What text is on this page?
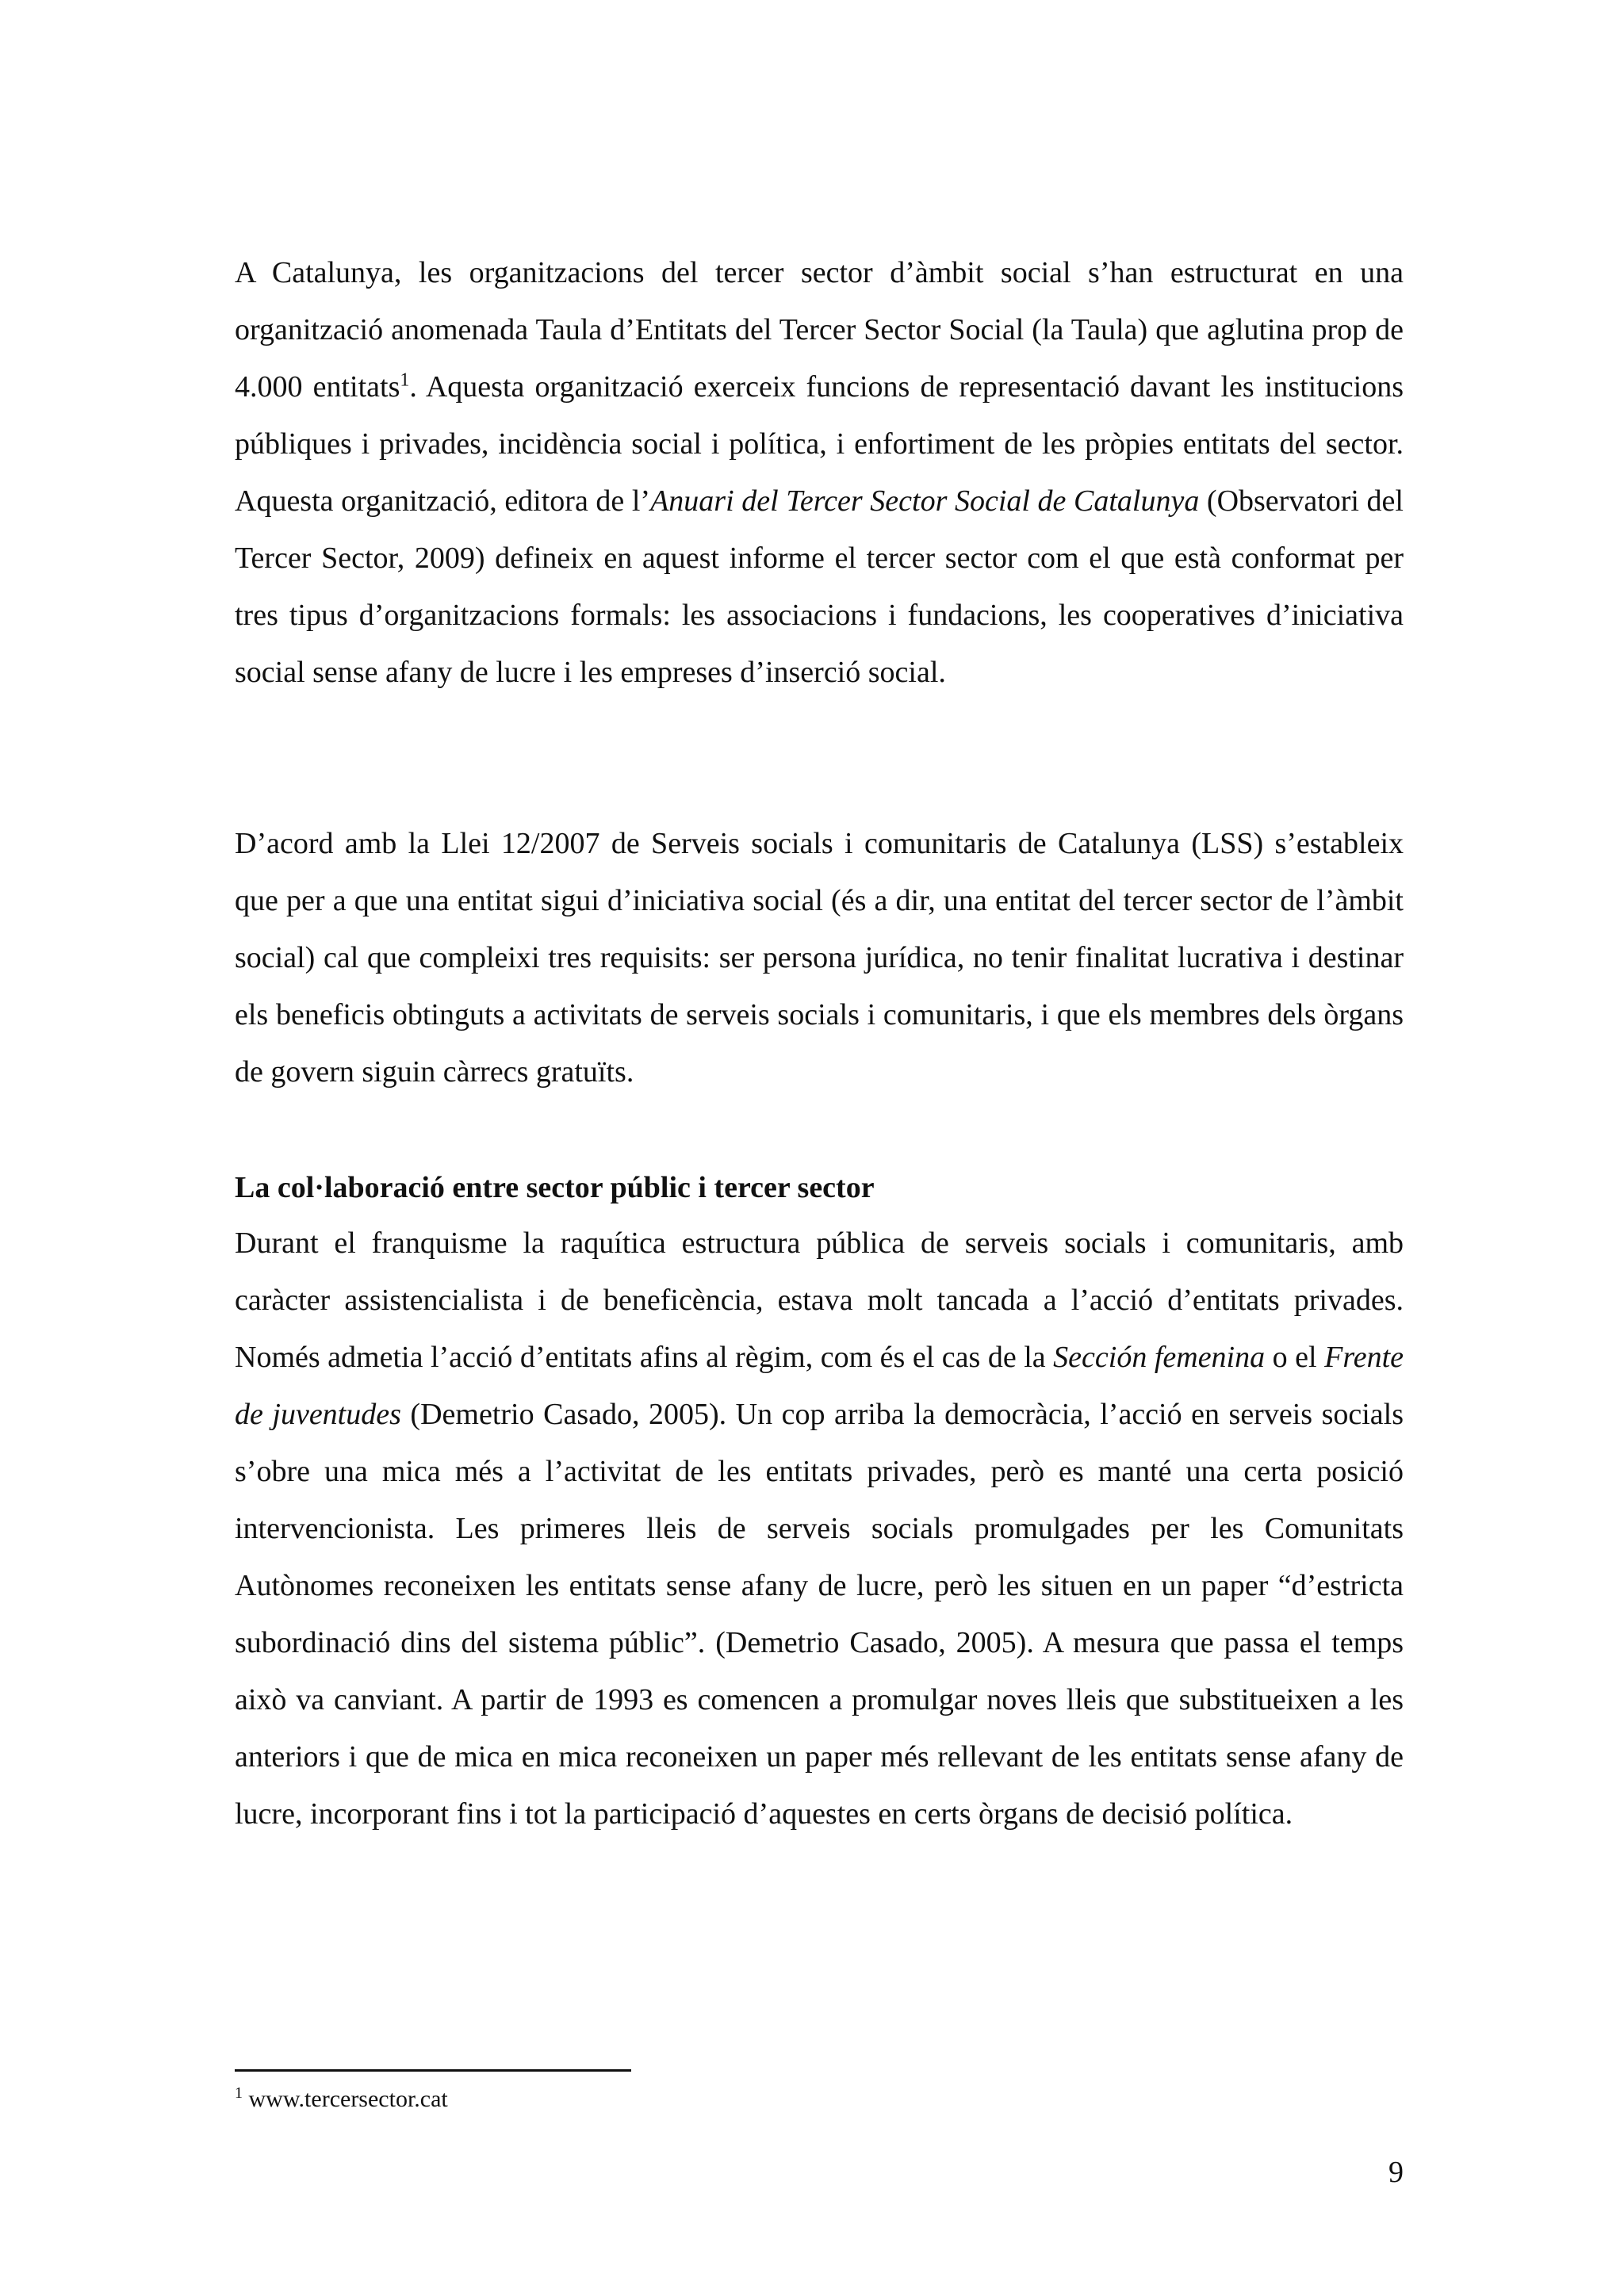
A Catalunya, les organitzacions del tercer sector d’àmbit social s’han estructurat en una organització anomenada Taula d’Entitats del Tercer Sector Social (la Taula) que aglutina prop de 4.000 entitats$^1$. Aquesta organització exerceix funcions de representació davant les institucions públiques i privades, incidència social i política, i enfortiment de les pròpies entitats del sector. Aquesta organització, editora de l’Anuari del Tercer Sector Social de Catalunya (Observatori del Tercer Sector, 2009) defineix en aquest informe el tercer sector com el que està conformat per tres tipus d’organitzacions formals: les associacions i fundacions, les cooperatives d’iniciativa social sense afany de lucre i les empreses d’inserció social.

D’acord amb la Llei 12/2007 de Serveis socials i comunitaris de Catalunya (LSS) s’estableix que per a que una entitat sigui d’iniciativa social (és a dir, una entitat del tercer sector de l’àmbit social) cal que compleixi tres requisits: ser persona jurídica, no tenir finalitat lucrativa i destinar els beneficis obtinguts a activitats de serveis socials i comunitaris, i que els membres dels òrgans de govern siguin càrrecs gratuïts.

La col·laboració entre sector públic i tercer sector

Durant el franquisme la raquítica estructura pública de serveis socials i comunitaris, amb caràcter assistencialista i de beneficència, estava molt tancada a l’acció d’entitats privades. Només admetia l’acció d’entitats afins al règim, com és el cas de la Sección femenina o el Frente de juventudes (Demetrio Casado, 2005). Un cop arriba la democràcia, l’acció en serveis socials s’obre una mica més a l’activitat de les entitats privades, però es manté una certa posició intervencionista. Les primeres lleis de serveis socials promulgades per les Comunitats Autònomes reconeixen les entitats sense afany de lucre, però les situen en un paper “d’estricta subordinació dins del sistema públic”. (Demetrio Casado, 2005). A mesura que passa el temps això va canviant. A partir de 1993 es comencen a promulgar noves lleis que substitueixen a les anteriors i que de mica en mica reconeixen un paper més rellevant de les entitats sense afany de lucre, incorporant fins i tot la participació d’aquestes en certs òrgans de decisió política.

$^1$ www.tercersector.cat
9
